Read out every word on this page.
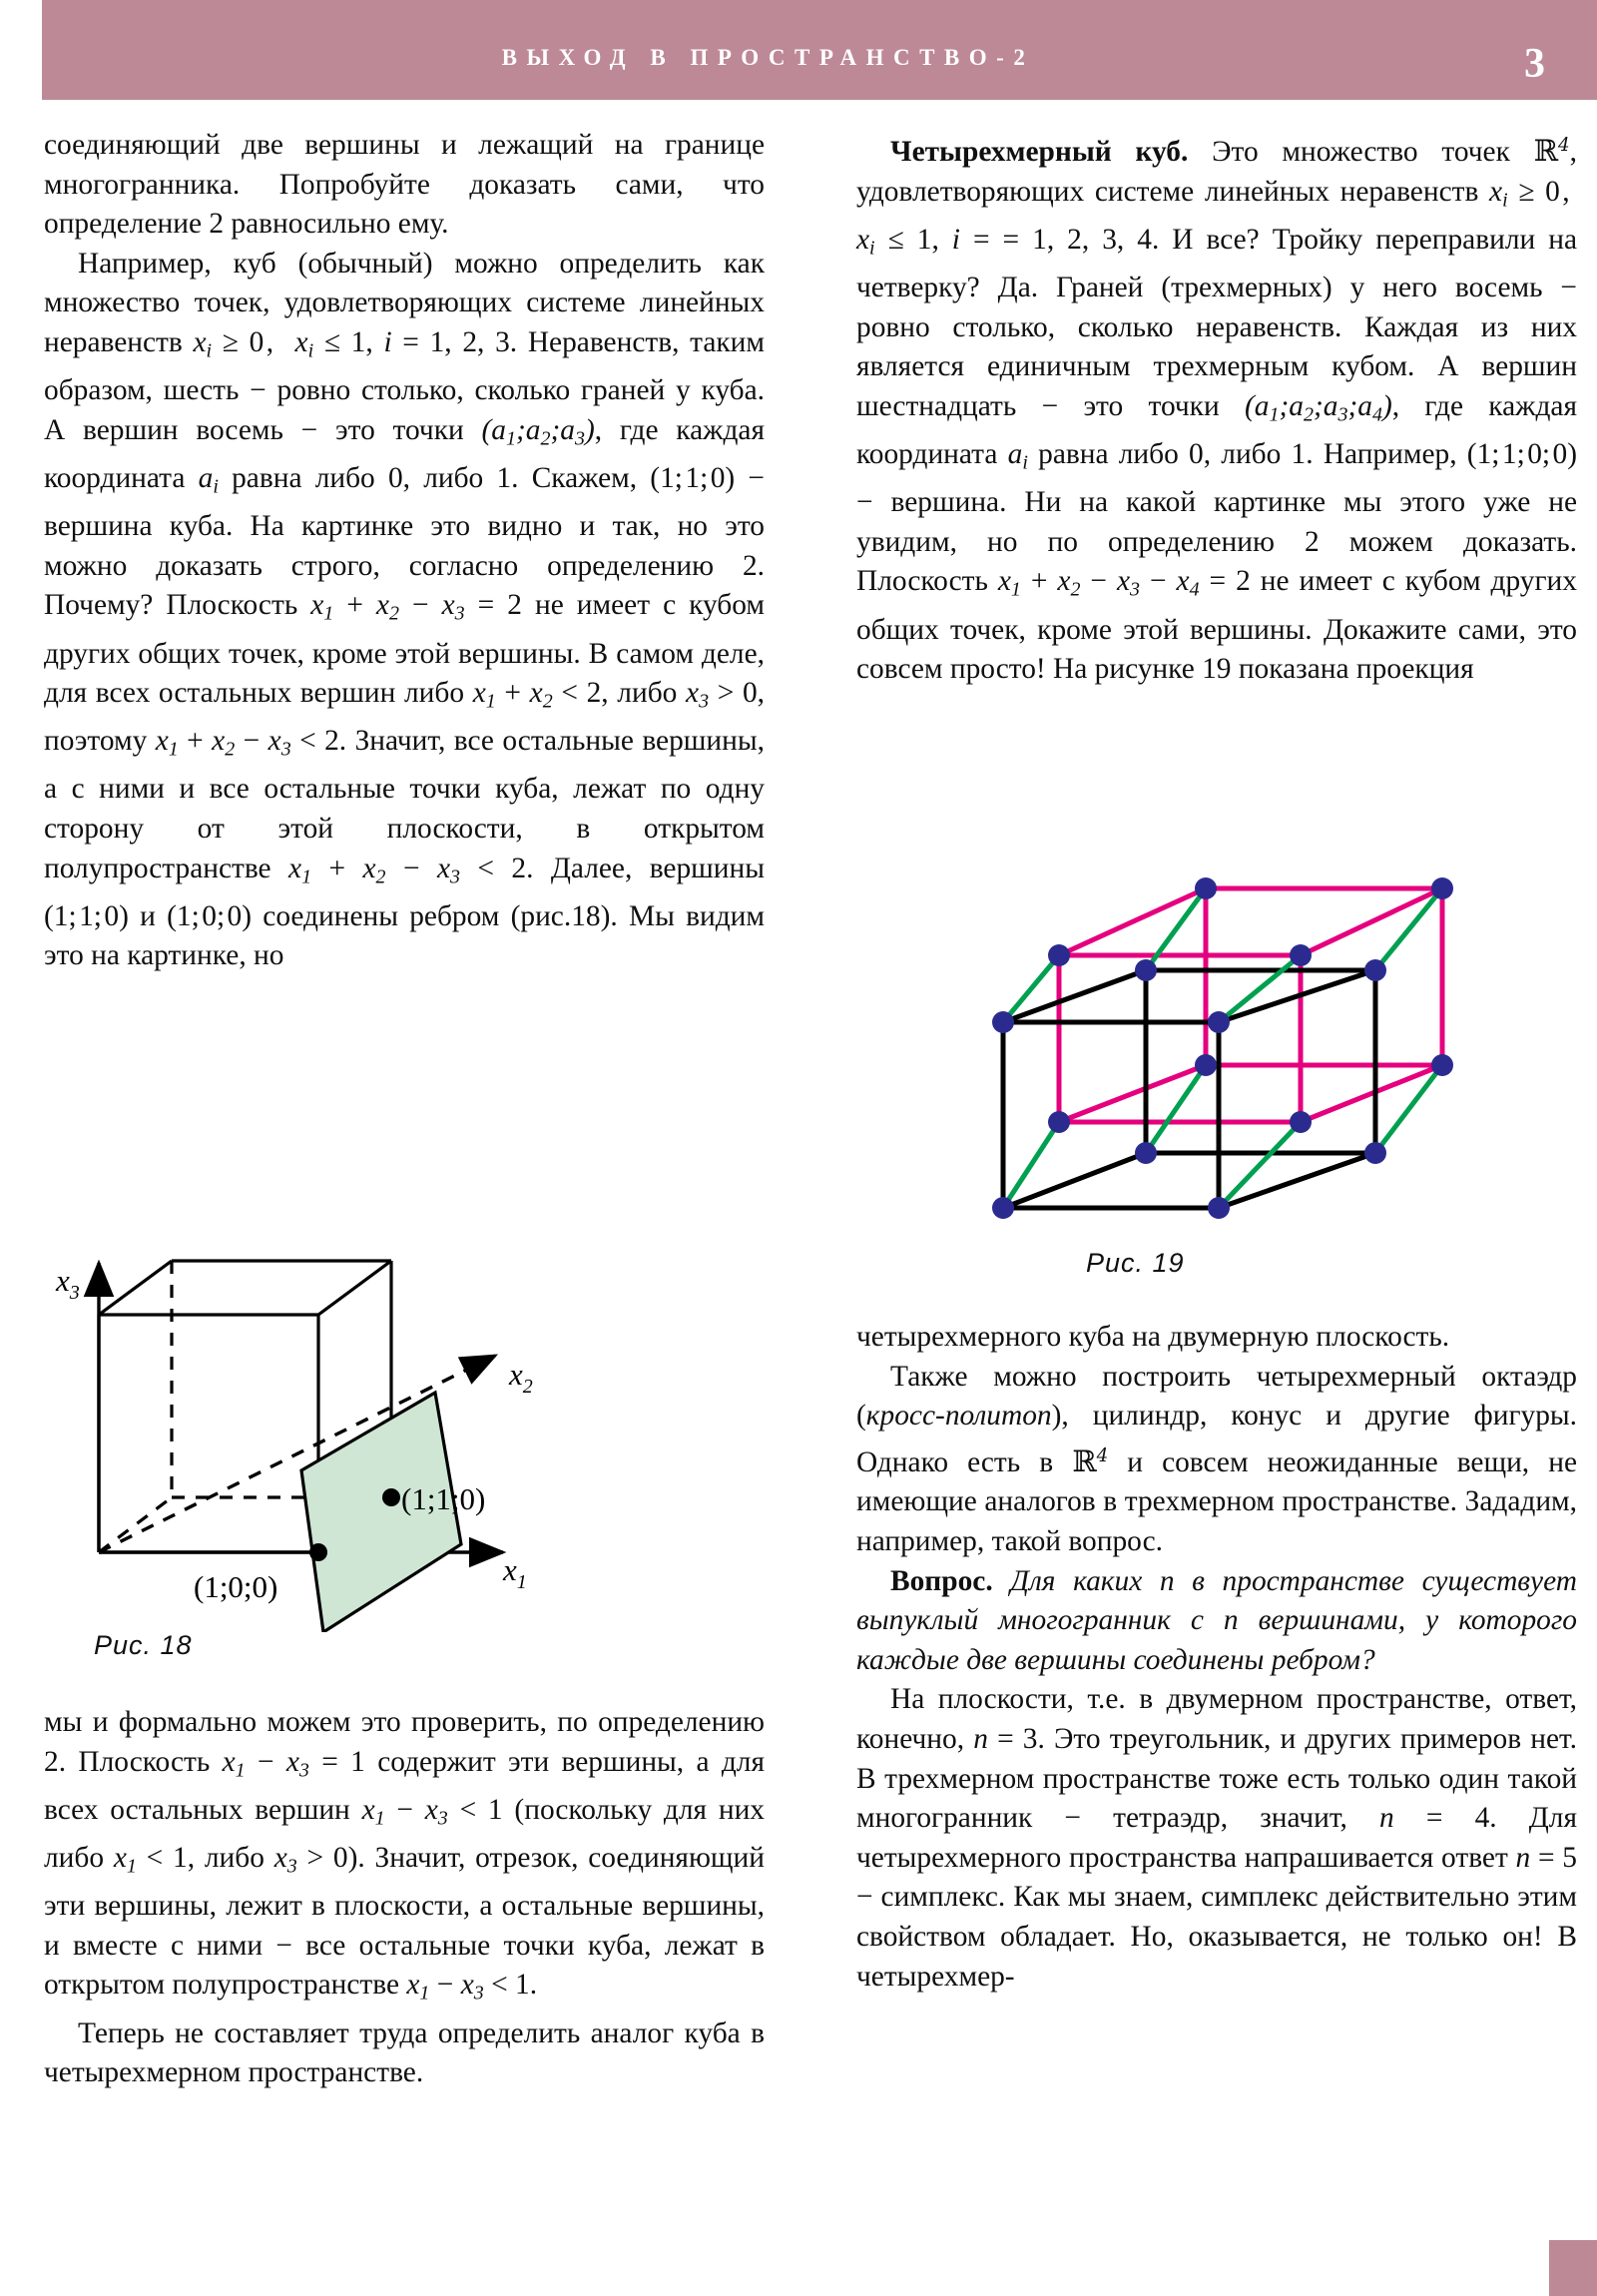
ВЫХОД В ПРОСТРАНСТВО-2	3

соединяющий две вершины и лежащий на границе многогранника. Попробуйте доказать сами, что определение 2 равносильно ему.

Например, куб (обычный) можно определить как множество точек, удовлетворяющих системе линейных неравенств $x_i \ge 0$ ,  $x_i \le 1$, i = 1, 2, 3. Неравенств, таким образом, шесть − ровно столько, сколько граней у куба. А вершин восемь − это точки $(a_1;a_2;a_3)$, где каждая координата $a_i$ равна либо 0, либо 1. Скажем, (1; 1; 0) − вершина куба. На картинке это видно и так, но это можно доказать строго, согласно определению 2. Почему? Плоскость $x_1 + x_2 - x_3 = 2$ не имеет с кубом других общих точек, кроме этой вершины. В самом деле, для всех остальных вершин либо $x_1 + x_2 < 2$, либо $x_3 > 0$, поэтому $x_1 + x_2 - x_3 < 2$. Значит, все остальные вершины, а с ними и все остальные точки куба, лежат по одну сторону от этой плоскости, в открытом полупространстве $x_1 + x_2 - x_3 < 2$. Далее, вершины (1; 1; 0) и (1; 0; 0) соединены ребром (рис.18). Мы видим это на картинке, но

(1;1;0)
(1;0;0)	$x_1$
$x_2$
$x_3$
Рис. 18

мы и формально можем это проверить, по определению 2. Плоскость $x_1 - x_3 = 1$ содержит эти вершины, а для всех остальных вершин $x_1 - x_3 < 1$ (поскольку для них либо $x_1 < 1$, либо $x_3 > 0$). Значит, отрезок, соединяющий эти вершины, лежит в плоскости, а остальные вершины, и вместе с ними − все остальные точки куба, лежат в открытом полупространстве $x_1 - x_3 < 1$.

Теперь не составляет труда определить аналог куба в четырехмерном пространстве.

Четырехмерный куб. Это множество точек ℝ$^4$, удовлетворяющих системе линейных неравенств $x_i \ge 0$ ,  $x_i \le 1$, i = = 1, 2, 3, 4. И все? Тройку переправили на четверку? Да. Граней (трехмерных) у него восемь − ровно столько, сколько неравенств. Каждая из них является единичным трехмерным кубом. А вершин шестнадцать − это точки $(a_1;a_2;a_3;a_4)$, где каждая координата $a_i$ равна либо 0, либо 1. Например, (1; 1; 0; 0) − вершина. Ни на какой картинке мы этого уже не увидим, но по определению 2 можем доказать. Плоскость $x_1 + x_2 - x_3 - x_4 = 2$ не имеет с кубом других общих точек, кроме этой вершины. Докажите сами, это совсем просто! На рисунке 19 показана проекция

Рис. 19

четырехмерного куба на двумерную плоскость.

Также можно построить четырехмерный октаэдр (кросс-политоп), цилиндр, конус и другие фигуры. Однако есть в ℝ$^4$ и совсем неожиданные вещи, не имеющие аналогов в трехмерном пространстве. Зададим, например, такой вопрос.

Вопрос. Для каких n в пространстве существует выпуклый многогранник с n вершинами, у которого каждые две вершины соединены ребром?

На плоскости, т.е. в двумерном пространстве, ответ, конечно, n = 3. Это треугольник, и других примеров нет. В трехмерном пространстве тоже есть только один такой многогранник − тетраэдр, значит, n = 4. Для четырехмерного пространства напрашивается ответ n = 5 − симплекс. Как мы знаем, симплекс действительно этим свойством обладает. Но, оказывается, не только он! В четырехмер-
